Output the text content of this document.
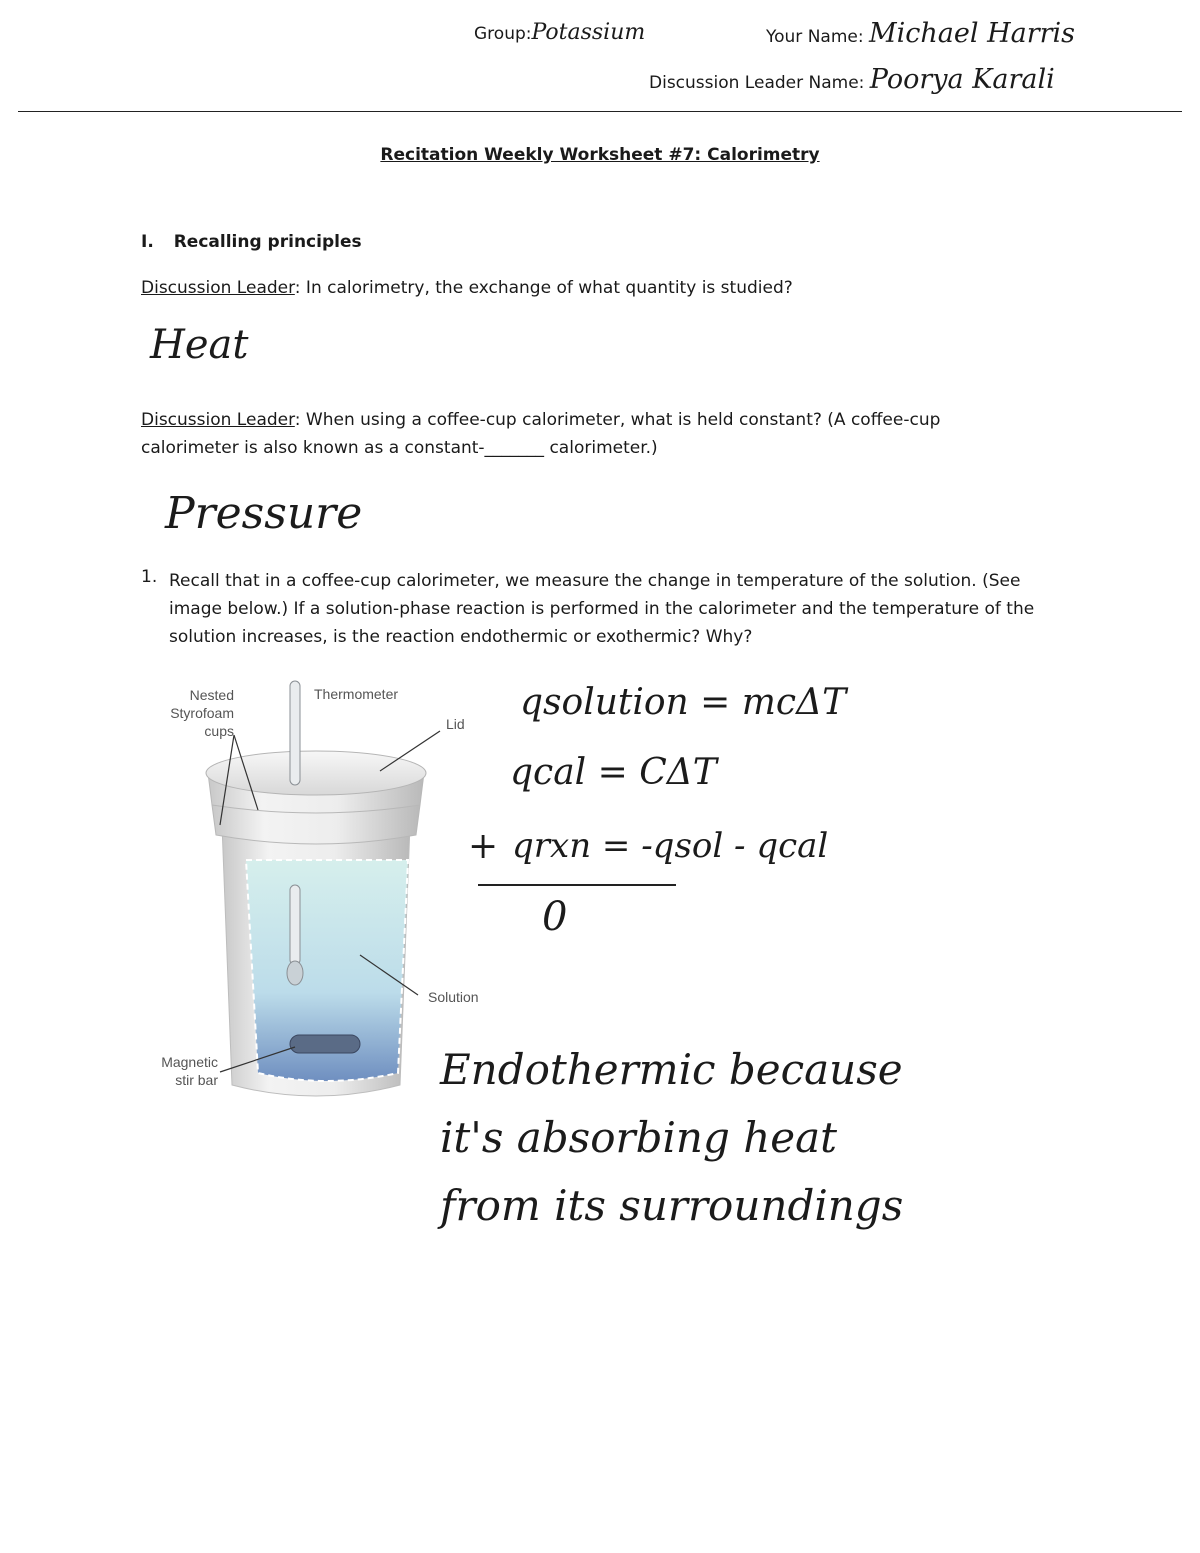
Group:Potassium	Your Name: Michael Harris
Discussion Leader Name: Poorya Karali
Recitation Weekly Worksheet #7: Calorimetry
I. Recalling principles
Discussion Leader: In calorimetry, the exchange of what quantity is studied?
Heat
Discussion Leader: When using a coffee-cup calorimeter, what is held constant? (A coffee-cup calorimeter is also known as a constant-_______ calorimeter.)
Pressure
1. Recall that in a coffee-cup calorimeter, we measure the change in temperature of the solution. (See image below.) If a solution-phase reaction is performed in the calorimeter and the temperature of the solution increases, is the reaction endothermic or exothermic? Why?
Nested
Styrofoam
cups
Thermometer
Lid
Solution
Magnetic
stir bar
qsolution = mcΔT
qcal = CΔT
+ qrxn = -qsol - qcal
0
Endothermic because
it's absorbing heat
from its surroundings
